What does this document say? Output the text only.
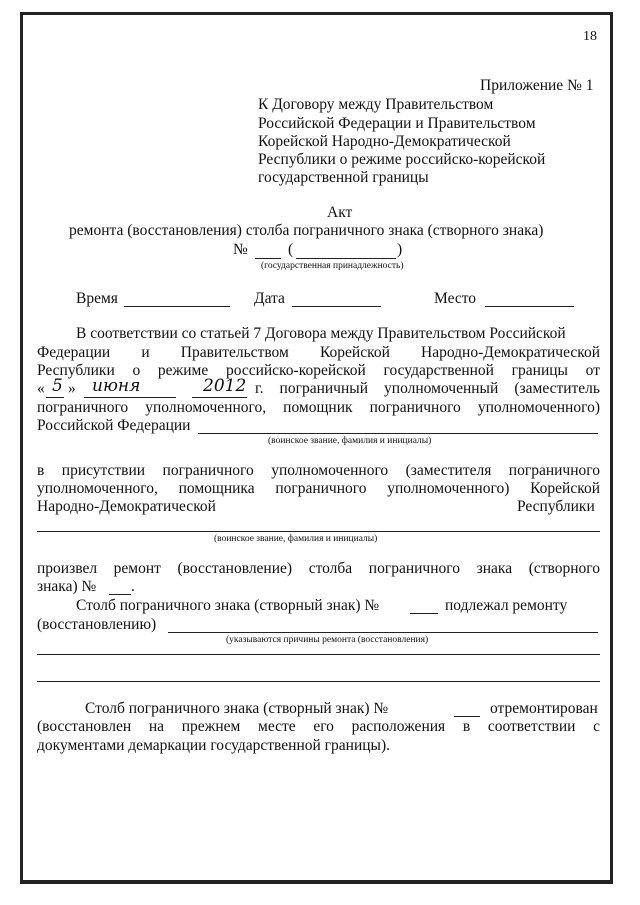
18
Приложение № 1
К Договору между Правительством
Российской Федерации и Правительством
Корейской Народно-Демократической
Республики о режиме российско-корейской
государственной границы
Акт
ремонта (восстановления) столба пограничного знака (створного знака)
№	(	)
(государственная принадлежность)
Время	Дата	Место
В соответствии со статьей 7 Договора между Правительством Российской
Федерации и Правительством Корейской Народно-Демократической
Республики о режиме российско-корейской государственной границы от
« 5 » июня	2012 г. пограничный уполномоченный (заместитель
пограничного уполномоченного, помощник пограничного уполномоченного)
Российской Федерации
(воинское звание, фамилия и инициалы)
в присутствии пограничного уполномоченного (заместителя пограничного
уполномоченного, помощника пограничного уполномоченного) Корейской
Народно-Демократической	Республики
(воинское звание, фамилия и инициалы)
произвел ремонт (восстановление) столба пограничного знака (створного
знака) № .
Столб пограничного знака (створный знак) №	подлежал ремонту
(восстановлению)
(указываются причины ремонта (восстановления)
Столб пограничного знака (створный знак) №	отремонтирован
(восстановлен на прежнем месте его расположения в соответствии с
документами демаркации государственной границы).
